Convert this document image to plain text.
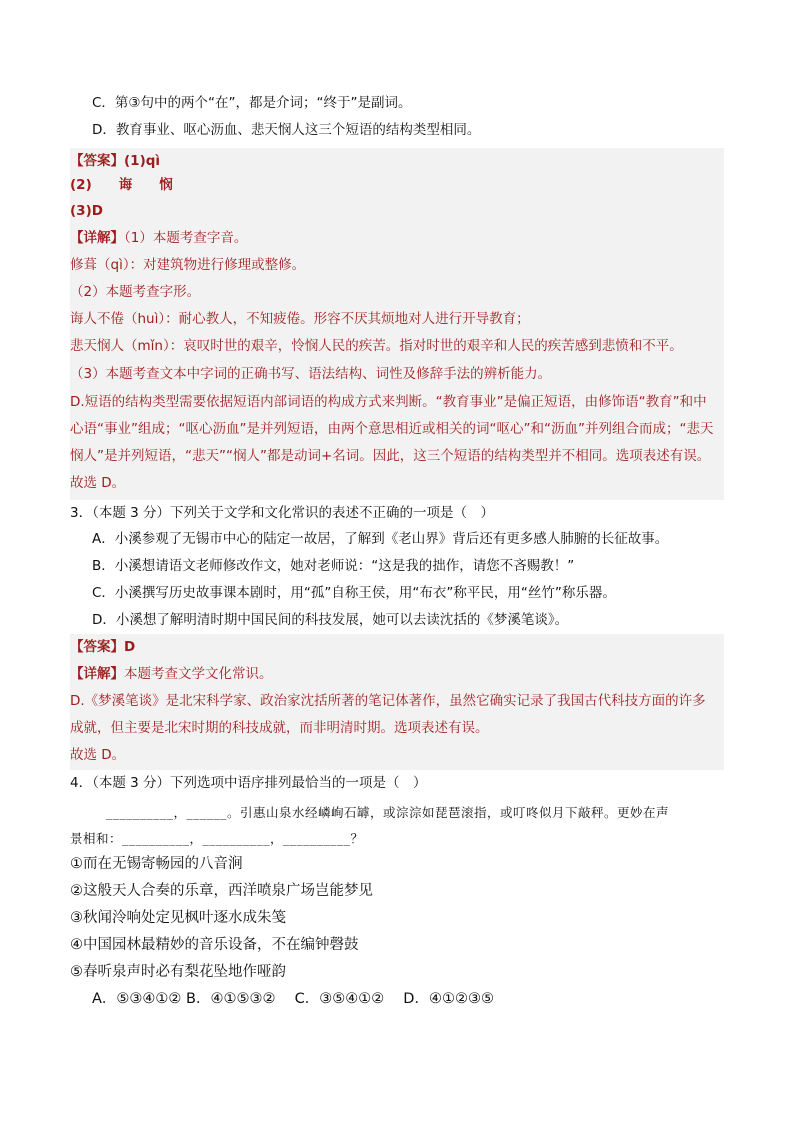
C．第③句中的两个“在”，都是介词；“终于”是副词。
D．教育事业、呕心沥血、悲天悯人这三个短语的结构类型相同。
【答案】(1)qì
(2)　　诲　　悯
(3)D
【详解】（1）本题考查字音。
修葺（qì）：对建筑物进行修理或整修。
（2）本题考查字形。
诲人不倦（huì）：耐心教人，不知疲倦。形容不厌其烦地对人进行开导教育；
悲天悯人（mǐn）：哀叹时世的艰辛，怜悯人民的疾苦。指对时世的艰辛和人民的疾苦感到悲愤和不平。
（3）本题考查文本中字词的正确书写、语法结构、词性及修辞手法的辨析能力。
D.短语的结构类型需要依据短语内部词语的构成方式来判断。“教育事业”是偏正短语，由修饰语“教育”和中
心语“事业”组成；“呕心沥血”是并列短语，由两个意思相近或相关的词“呕心”和“沥血”并列组合而成；“悲天
悯人”是并列短语，“悲天”“悯人”都是动词+名词。因此，这三个短语的结构类型并不相同。选项表述有误。
故选 D。
3．（本题 3 分）下列关于文学和文化常识的表述不正确的一项是（　）
A．小溪参观了无锡市中心的陆定一故居，了解到《老山界》背后还有更多感人肺腑的长征故事。
B．小溪想请语文老师修改作文，她对老师说：“这是我的拙作，请您不吝赐教！”
C．小溪撰写历史故事课本剧时，用“孤”自称王侯，用“布衣”称平民，用“丝竹”称乐器。
D．小溪想了解明清时期中国民间的科技发展，她可以去读沈括的《梦溪笔谈》。
【答案】D
【详解】本题考查文学文化常识。
D.《梦溪笔谈》是北宋科学家、政治家沈括所著的笔记体著作，虽然它确实记录了我国古代科技方面的许多
成就，但主要是北宋时期的科技成就，而非明清时期。选项表述有误。
故选 D。
4．（本题 3 分）下列选项中语序排列最恰当的一项是（　）
__________，______。引惠山泉水经嶙峋石罅，或淙淙如琵琶滚指，或叮咚似月下敲秤。更妙在声
景相和：__________，__________，__________？
①而在无锡寄畅园的八音涧
②这般天人合奏的乐章，西洋喷泉广场岂能梦见
③秋闻泠响处定见枫叶逐水成朱笺
④中国园林最精妙的音乐设备，不在编钟磬鼓
⑤春听泉声时必有梨花坠地作哑韵
A．⑤③④①② B．④①⑤③②　 C．③⑤④①②　 D．④①②③⑤
